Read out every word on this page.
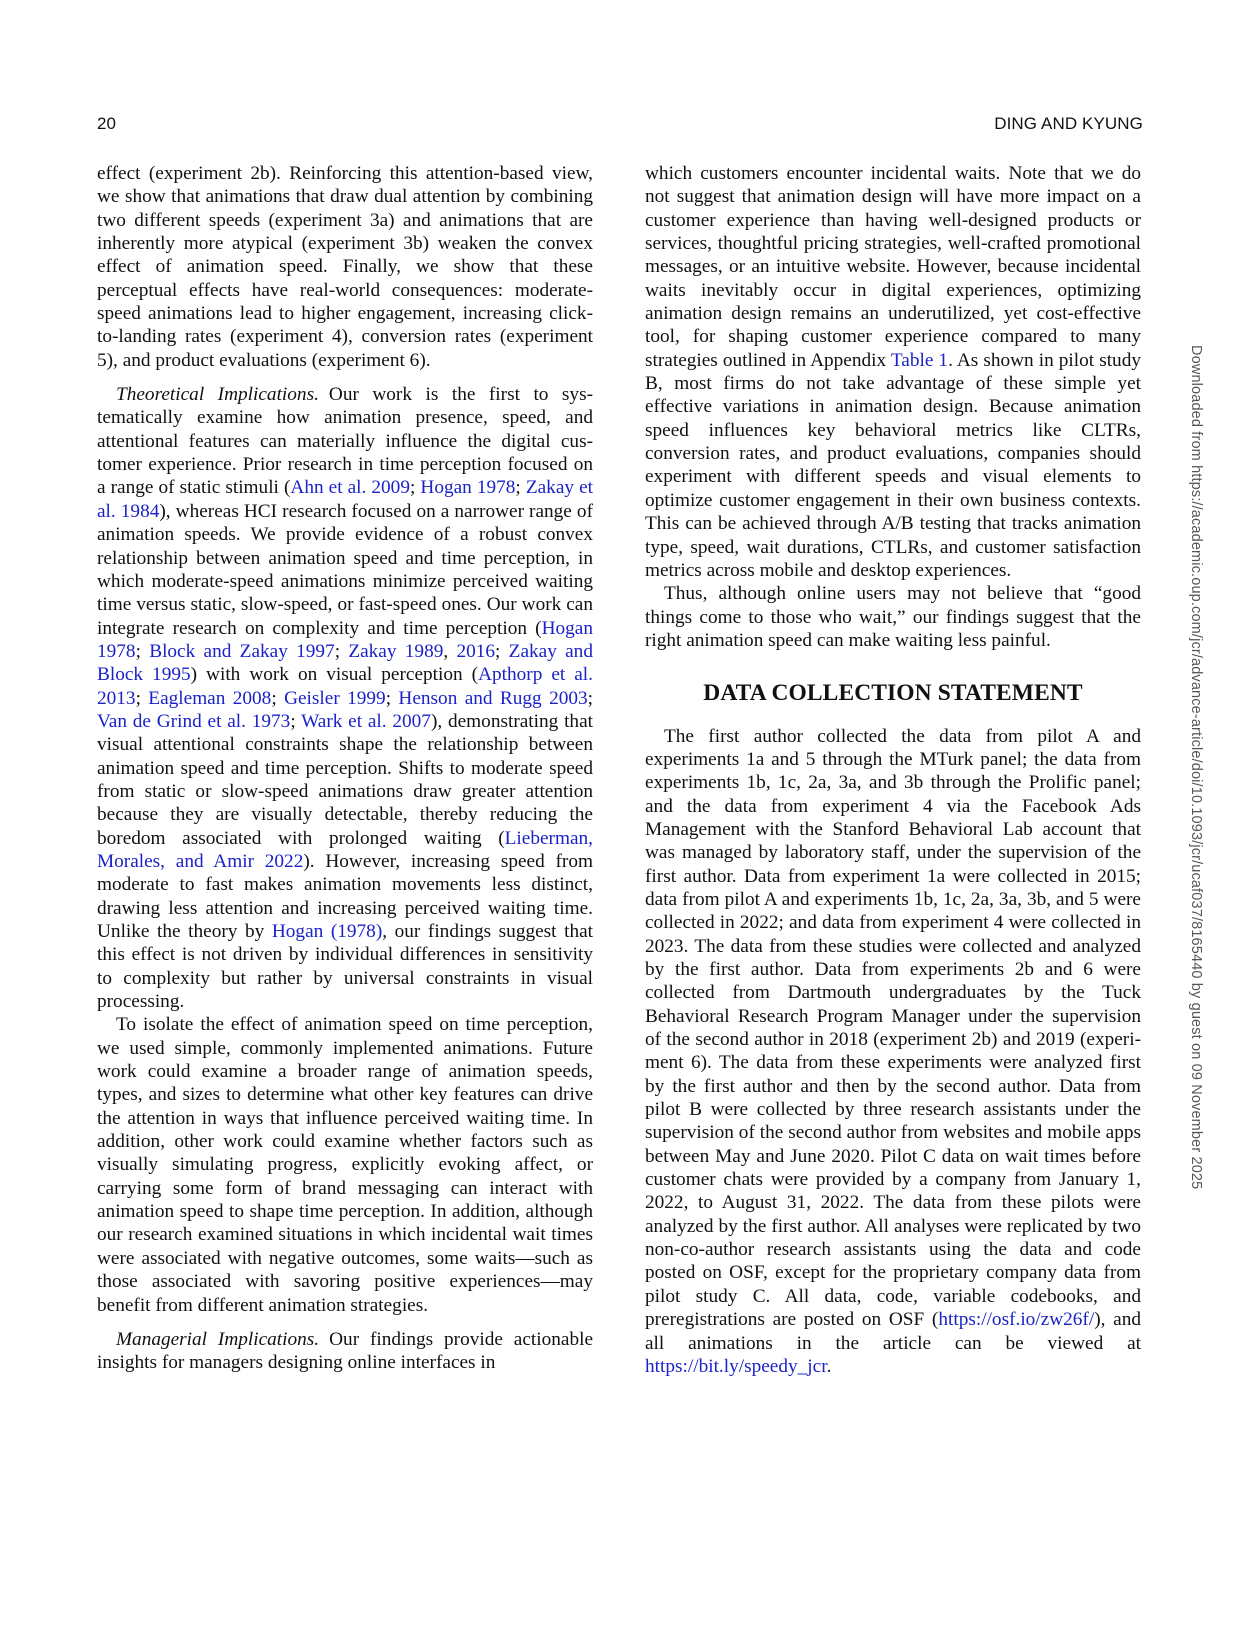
20	DING AND KYUNG

effect (experiment 2b). Reinforcing this attention-based view, we show that animations that draw dual attention by combining two different speeds (experiment 3a) and animations that are inherently more atypical (experiment 3b) weaken the convex effect of animation speed. Finally, we show that these perceptual effects have real-world consequences: moderate-speed animations lead to higher engagement, increasing click-to-landing rates (experiment 4), conversion rates (experiment 5), and product evaluations (experiment 6).

Theoretical Implications. Our work is the first to systematically examine how animation presence, speed, and attentional features can materially influence the digital customer experience. Prior research in time perception focused on a range of static stimuli (Ahn et al. 2009; Hogan 1978; Zakay et al. 1984), whereas HCI research focused on a narrower range of animation speeds. We provide evidence of a robust convex relationship between animation speed and time perception, in which moderate-speed animations minimize perceived waiting time versus static, slow-speed, or fast-speed ones. Our work can integrate research on complexity and time perception (Hogan 1978; Block and Zakay 1997; Zakay 1989, 2016; Zakay and Block 1995) with work on visual perception (Apthorp et al. 2013; Eagleman 2008; Geisler 1999; Henson and Rugg 2003; Van de Grind et al. 1973; Wark et al. 2007), demonstrating that visual attentional constraints shape the relationship between animation speed and time perception. Shifts to moderate speed from static or slow-speed animations draw greater attention because they are visually detectable, thereby reducing the boredom associated with prolonged waiting (Lieberman, Morales, and Amir 2022). However, increasing speed from moderate to fast makes animation movements less distinct, drawing less attention and increasing perceived waiting time. Unlike the theory by Hogan (1978), our findings suggest that this effect is not driven by individual differences in sensitivity to complexity but rather by universal constraints in visual processing.

To isolate the effect of animation speed on time perception, we used simple, commonly implemented animations. Future work could examine a broader range of animation speeds, types, and sizes to determine what other key features can drive the attention in ways that influence perceived waiting time. In addition, other work could examine whether factors such as visually simulating progress, explicitly evoking affect, or carrying some form of brand messaging can interact with animation speed to shape time perception. In addition, although our research examined situations in which incidental wait times were associated with negative outcomes, some waits—such as those associated with savoring positive experiences—may benefit from different animation strategies.

Managerial Implications. Our findings provide actionable insights for managers designing online interfaces in

which customers encounter incidental waits. Note that we do not suggest that animation design will have more impact on a customer experience than having well-designed products or services, thoughtful pricing strategies, well-crafted promotional messages, or an intuitive website. However, because incidental waits inevitably occur in digital experiences, optimizing animation design remains an underutilized, yet cost-effective tool, for shaping customer experience compared to many strategies outlined in Appendix Table 1. As shown in pilot study B, most firms do not take advantage of these simple yet effective variations in animation design. Because animation speed influences key behavioral metrics like CLTRs, conversion rates, and product evaluations, companies should experiment with different speeds and visual elements to optimize customer engagement in their own business contexts. This can be achieved through A/B testing that tracks animation type, speed, wait durations, CTLRs, and customer satisfaction metrics across mobile and desktop experiences.

Thus, although online users may not believe that “good things come to those who wait,” our findings suggest that the right animation speed can make waiting less painful.

DATA COLLECTION STATEMENT

The first author collected the data from pilot A and experiments 1a and 5 through the MTurk panel; the data from experiments 1b, 1c, 2a, 3a, and 3b through the Prolific panel; and the data from experiment 4 via the Facebook Ads Management with the Stanford Behavioral Lab account that was managed by laboratory staff, under the supervision of the first author. Data from experiment 1a were collected in 2015; data from pilot A and experiments 1b, 1c, 2a, 3a, 3b, and 5 were collected in 2022; and data from experiment 4 were collected in 2023. The data from these studies were collected and analyzed by the first author. Data from experiments 2b and 6 were collected from Dartmouth undergraduates by the Tuck Behavioral Research Program Manager under the supervision of the second author in 2018 (experiment 2b) and 2019 (experiment 6). The data from these experiments were analyzed first by the first author and then by the second author. Data from pilot B were collected by three research assistants under the supervision of the second author from websites and mobile apps between May and June 2020. Pilot C data on wait times before customer chats were provided by a company from January 1, 2022, to August 31, 2022. The data from these pilots were analyzed by the first author. All analyses were replicated by two non-co-author research assistants using the data and code posted on OSF, except for the proprietary company data from pilot study C. All data, code, variable codebooks, and preregistrations are posted on OSF (https://osf.io/zw26f/), and all animations in the article can be viewed at https://bit.ly/speedy_jcr.

Downloaded from https://academic.oup.com/jcr/advance-article/doi/10.1093/jcr/ucaf037/8165440 by guest on 09 November 2025
